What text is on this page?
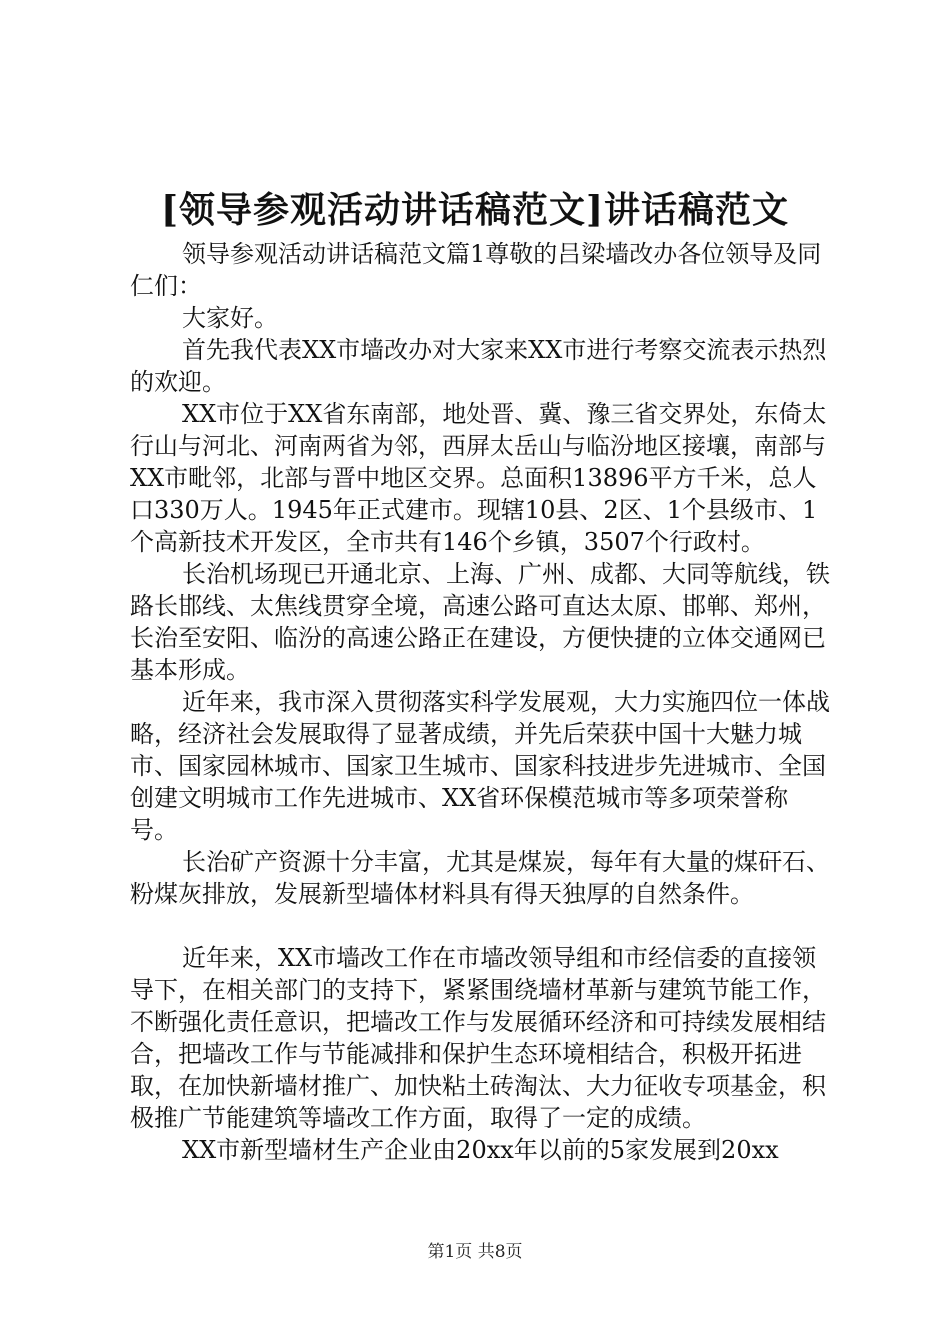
[领导参观活动讲话稿范文]讲话稿范文

领导参观活动讲话稿范文篇1尊敬的吕梁墙改办各位领导及同仁们：

大家好。

首先我代表XX市墙改办对大家来XX市进行考察交流表示热烈的欢迎。

XX市位于XX省东南部，地处晋、冀、豫三省交界处，东倚太行山与河北、河南两省为邻，西屏太岳山与临汾地区接壤，南部与XX市毗邻，北部与晋中地区交界。总面积13896平方千米，总人口330万人。1945年正式建市。现辖10县、2区、1个县级市、1个高新技术开发区，全市共有146个乡镇，3507个行政村。

长治机场现已开通北京、上海、广州、成都、大同等航线，铁路长邯线、太焦线贯穿全境，高速公路可直达太原、邯郸、郑州，长治至安阳、临汾的高速公路正在建设，方便快捷的立体交通网已基本形成。

近年来，我市深入贯彻落实科学发展观，大力实施四位一体战略，经济社会发展取得了显著成绩，并先后荣获中国十大魅力城市、国家园林城市、国家卫生城市、国家科技进步先进城市、全国创建文明城市工作先进城市、XX省环保模范城市等多项荣誉称号。

长治矿产资源十分丰富，尤其是煤炭，每年有大量的煤矸石、粉煤灰排放，发展新型墙体材料具有得天独厚的自然条件。

近年来，XX市墙改工作在市墙改领导组和市经信委的直接领导下，在相关部门的支持下，紧紧围绕墙材革新与建筑节能工作，不断强化责任意识，把墙改工作与发展循环经济和可持续发展相结合，把墙改工作与节能减排和保护生态环境相结合，积极开拓进取，在加快新墙材推广、加快粘土砖淘汰、大力征收专项基金，积极推广节能建筑等墙改工作方面，取得了一定的成绩。

XX市新型墙材生产企业由20xx年以前的5家发展到20xx

第1页 共8页
